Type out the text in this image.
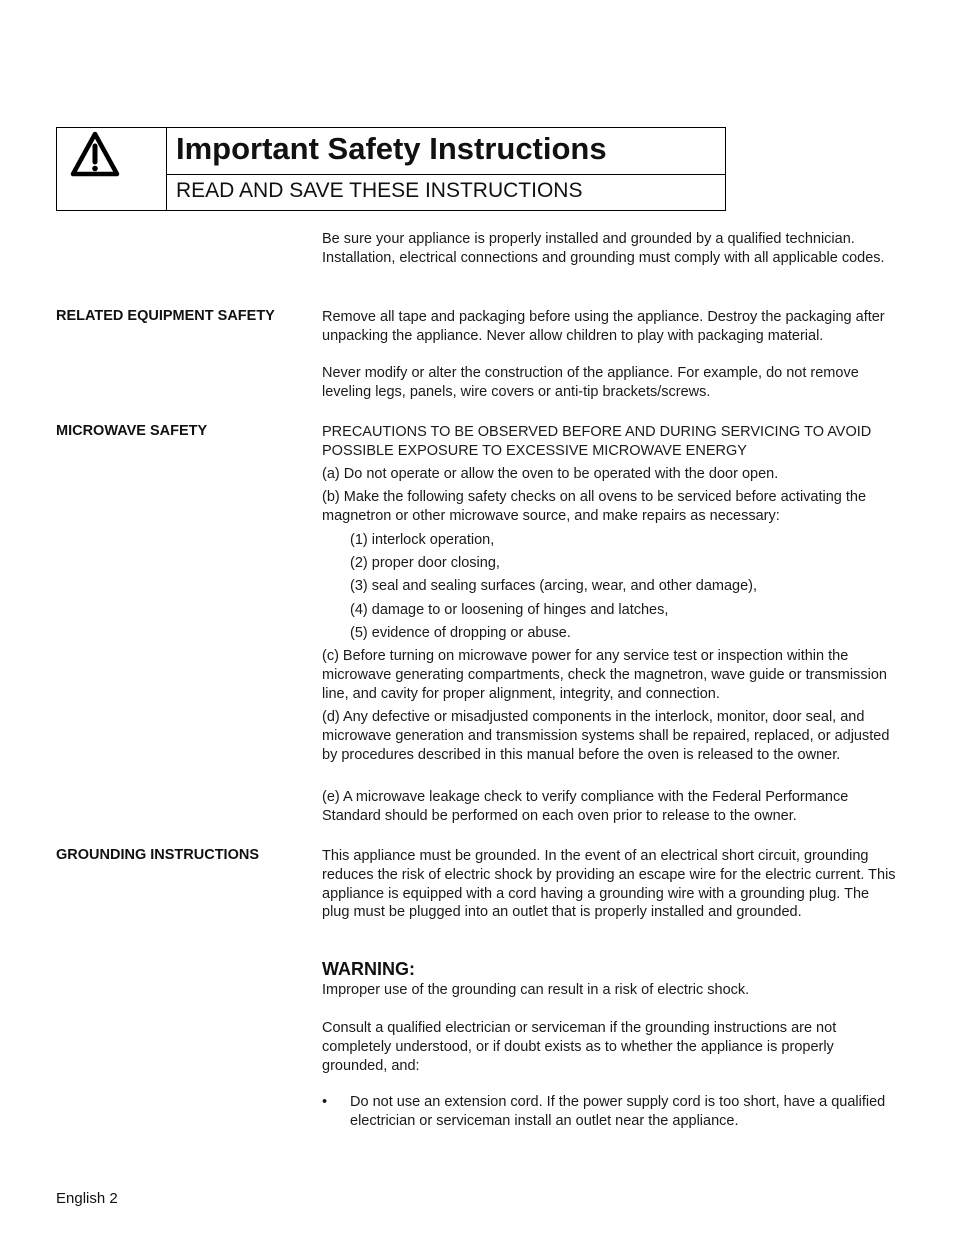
Important Safety Instructions
READ AND SAVE THESE INSTRUCTIONS

Be sure your appliance is properly installed and grounded by a qualified technician. Installation, electrical connections and grounding must comply with all applicable codes.

RELATED EQUIPMENT SAFETY	Remove all tape and packaging before using the appliance. Destroy the packaging after unpacking the appliance. Never allow children to play with packaging material.

Never modify or alter the construction of the appliance. For example, do not remove leveling legs, panels, wire covers or anti-tip brackets/screws.

MICROWAVE SAFETY	PRECAUTIONS TO BE OBSERVED BEFORE AND DURING SERVICING TO AVOID POSSIBLE EXPOSURE TO EXCESSIVE MICROWAVE ENERGY

(a) Do not operate or allow the oven to be operated with the door open.

(b) Make the following safety checks on all ovens to be serviced before activating the magnetron or other microwave source, and make repairs as necessary:

(1) interlock operation,

(2) proper door closing,

(3) seal and sealing surfaces (arcing, wear, and other damage),

(4) damage to or loosening of hinges and latches,

(5) evidence of dropping or abuse.

(c) Before turning on microwave power for any service test or inspection within the microwave generating compartments, check the magnetron, wave guide or transmission line, and cavity for proper alignment, integrity, and connection.

(d) Any defective or misadjusted components in the interlock, monitor, door seal, and microwave generation and transmission systems shall be repaired, replaced, or adjusted by procedures described in this manual before the oven is released to the owner.

(e) A microwave leakage check to verify compliance with the Federal Performance Standard should be performed on each oven prior to release to the owner.

GROUNDING INSTRUCTIONS	This appliance must be grounded. In the event of an electrical short circuit, grounding reduces the risk of electric shock by providing an escape wire for the electric current. This appliance is equipped with a cord having a grounding wire with a grounding plug. The plug must be plugged into an outlet that is properly installed and grounded.

WARNING:

Improper use of the grounding can result in a risk of electric shock.

Consult a qualified electrician or serviceman if the grounding instructions are not completely understood, or if doubt exists as to whether the appliance is properly grounded, and:

•	Do not use an extension cord. If the power supply cord is too short, have a qualified electrician or serviceman install an outlet near the appliance.

English 2
